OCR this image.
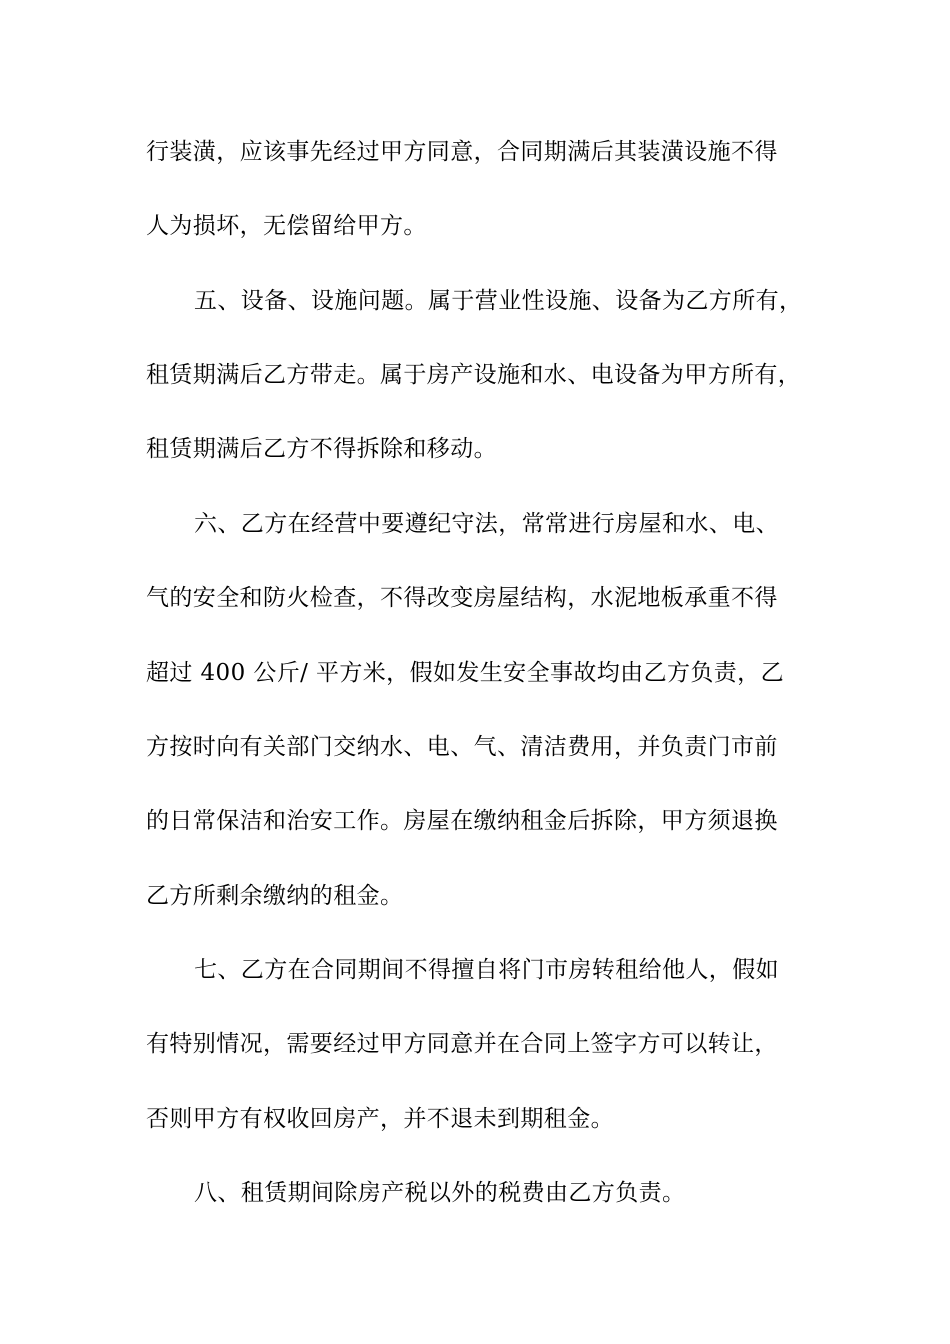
行装潢，应该事先经过甲方同意，合同期满后其装潢设施不得
人为损坏，无偿留给甲方。
五、设备、设施问题。属于营业性设施、设备为乙方所有，
租赁期满后乙方带走。属于房产设施和水、电设备为甲方所有，
租赁期满后乙方不得拆除和移动。
六、乙方在经营中要遵纪守法，常常进行房屋和水、电、
气的安全和防火检查，不得改变房屋结构，水泥地板承重不得
超过 400 公斤/ 平方米，假如发生安全事故均由乙方负责，乙
方按时向有关部门交纳水、电、气、清洁费用，并负责门市前
的日常保洁和治安工作。房屋在缴纳租金后拆除，甲方须退换
乙方所剩余缴纳的租金。
七、乙方在合同期间不得擅自将门市房转租给他人，假如
有特别情况，需要经过甲方同意并在合同上签字方可以转让，
否则甲方有权收回房产，并不退未到期租金。
八、租赁期间除房产税以外的税费由乙方负责。
